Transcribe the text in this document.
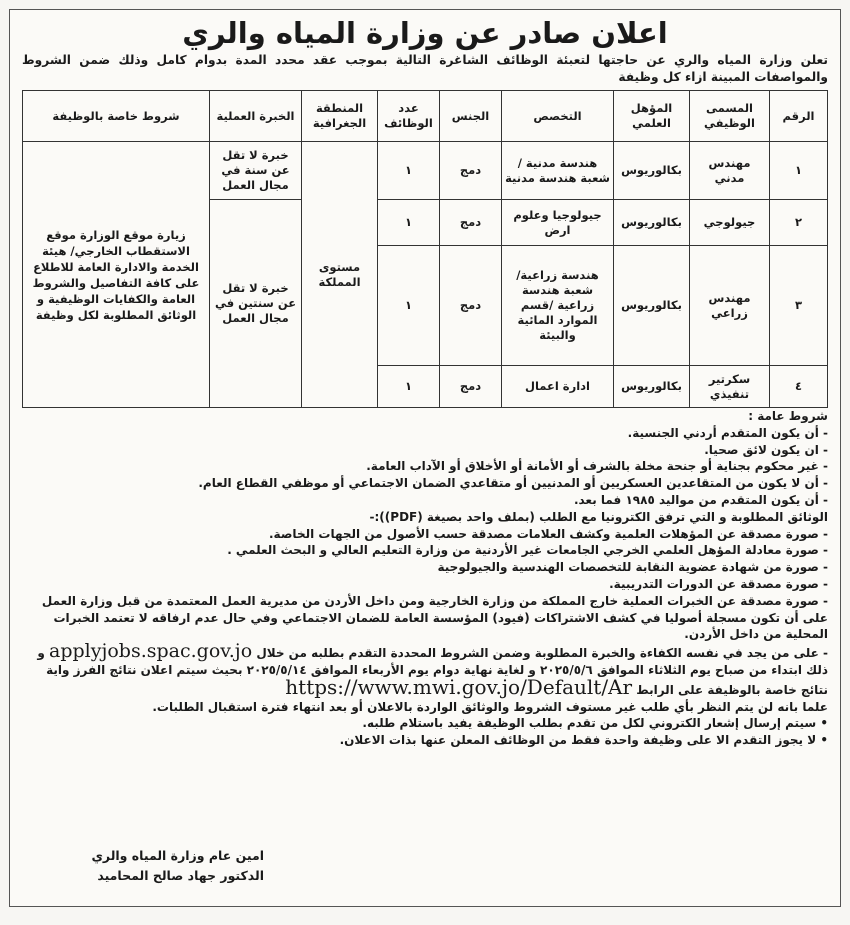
اعلان صادر عن وزارة المياه والري

تعلن وزارة المياه والري عن حاجتها لتعبئة الوظائف الشاغرة التالية بموجب عقد محدد المدة بدوام كامل وذلك ضمن الشروط والمواصفات المبينة ازاء كل وظيفة

الرقم	المسمى الوظيفي	المؤهل العلمي	التخصص	الجنس	عدد الوظائف	المنطقة الجغرافية	الخبرة العملية	شروط خاصة بالوظيفة
١	مهندس مدني	بكالوريوس	هندسة مدنية /شعبة هندسة مدنية	دمج	١	مستوى المملكة	خبرة لا تقل عن سنة في مجال العمل	زيارة موقع الوزارة موقع الاستقطاب الخارجي/ هيئة الخدمة والادارة العامة للاطلاع على كافة التفاصيل والشروط العامة والكفايات الوظيفية و الوثائق المطلوبة لكل وظيفة
٢	جيولوجي	بكالوريوس	جيولوجيا وعلوم ارض	دمج	١		خبرة لا تقل عن سنتين في مجال العمل	
٣	مهندس زراعي	بكالوريوس	هندسة زراعية/ شعبة هندسة زراعية /قسم الموارد المائية والبيئة	دمج	١			
٤	سكرتير تنفيذي	بكالوريوس	ادارة اعمال	دمج	١			

شروط عامة :

- أن يكون المتقدم أردني الجنسية.

- ان يكون لائق صحيا.

- غير محكوم بجناية أو جنحة مخلة بالشرف أو الأمانة أو الأخلاق أو الآداب العامة.

- أن لا يكون من المتقاعدين العسكريين أو المدنيين أو متقاعدي الضمان الاجتماعي أو موظفي القطاع العام.

- أن يكون المتقدم من مواليد ١٩٨٥ فما بعد.

الوثائق المطلوبة و التي ترفق الكترونيا مع الطلب (بملف واحد بصيغة (PDF)):-

- صورة مصدقة عن المؤهلات العلمية وكشف العلامات مصدقة حسب الأصول من الجهات الخاصة.

- صورة معادلة المؤهل العلمي الخرجي الجامعات غير الأردنية من وزارة التعليم العالي و البحث العلمي .

- صورة من شهادة عضوية النقابة للتخصصات الهندسية والجيولوجية

- صورة مصدقة عن الدورات التدريبية.

- صورة مصدقة عن الخبرات العملية خارج المملكة من وزارة الخارجية ومن داخل الأردن من مديرية العمل المعتمدة من قبل وزارة العمل على أن تكون مسجلة أصوليا في كشف الاشتراكات (فيود) المؤسسة العامة للضمان الاجتماعي وفي حال عدم ارفاقه لا تعتمد الخبرات المحلية من داخل الأردن.

- على من يجد في نفسه الكفاءة والخبرة المطلوبة وضمن الشروط المحددة التقدم بطلبه من خلال applyjobs.spac.gov.jo و ذلك ابتداء من صباح يوم الثلاثاء الموافق ٢٠٢٥/٥/٦ و لغاية نهاية دوام يوم الأربعاء الموافق ٢٠٢٥/٥/١٤ بحيث سيتم اعلان نتائج الفرز واية نتائج خاصة بالوظيفة على الرابط https://www.mwi.gov.jo/Default/Ar

علما بانه لن يتم النظر بأي طلب غير مستوف الشروط والوثائق الواردة بالاعلان أو بعد انتهاء فترة استقبال الطلبات.

• سيتم إرسال إشعار الكتروني لكل من تقدم بطلب الوظيفة يفيد باستلام طلبه.

• لا يجوز التقدم الا على وظيفة واحدة فقط من الوظائف المعلن عنها بذات الاعلان.

امين عام وزارة المياه والري
الدكتور جهاد صالح المحاميد
